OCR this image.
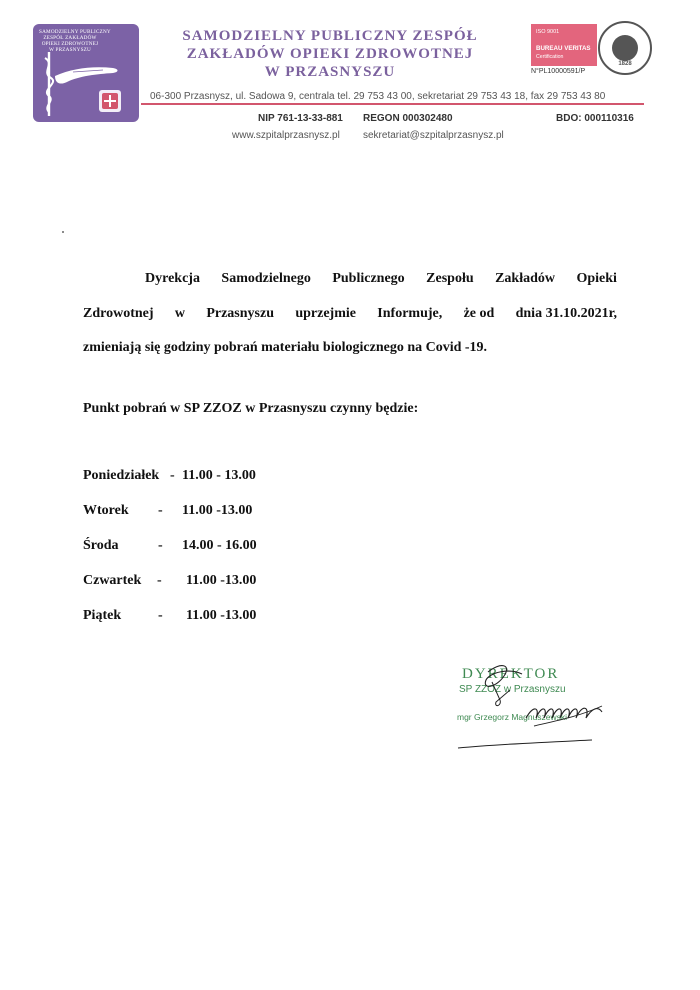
SAMODZIELNY PUBLICZNY
ZESPÓŁ ZAKŁADÓW
OPIEKI ZDROWOTNEJ
W PRZASNYSZU
SAMODZIELNY PUBLICZNY ZESPÓŁ
ZAKŁADÓW OPIEKI ZDROWOTNEJ
W PRZASNYSZU
ISO 9001
BUREAU VERITAS
Certification
N°PL10000591/P
1828
06-300 Przasnysz, ul. Sadowa 9, centrala tel. 29 753 43 00, sekretariat 29 753 43 18, fax 29 753 43 80
NIP 761-13-33-881 REGON 000302480	BDO: 000110316
www.szpitalprzasnysz.pl sekretariat@szpitalprzasnysz.pl
Dyrekcja Samodzielnego Publicznego Zespołu Zakładów Opieki
Zdrowotnej w Przasnyszu uprzejmie Informuje, że od dnia 31.10.2021r,
zmieniają się godziny pobrań materiału biologicznego na Covid -19.
Punkt pobrań w SP ZZOZ w Przasnyszu czynny będzie:
Poniedziałek - 11.00 - 13.00
Wtorek - 11.00 -13.00
Środa	- 14.00 - 16.00
Czwartek - 11.00 -13.00
Piątek	- 11.00 -13.00
DYREKTOR
SP ZZOZ w Przasnyszu
mgr Grzegorz Magnuszewski
